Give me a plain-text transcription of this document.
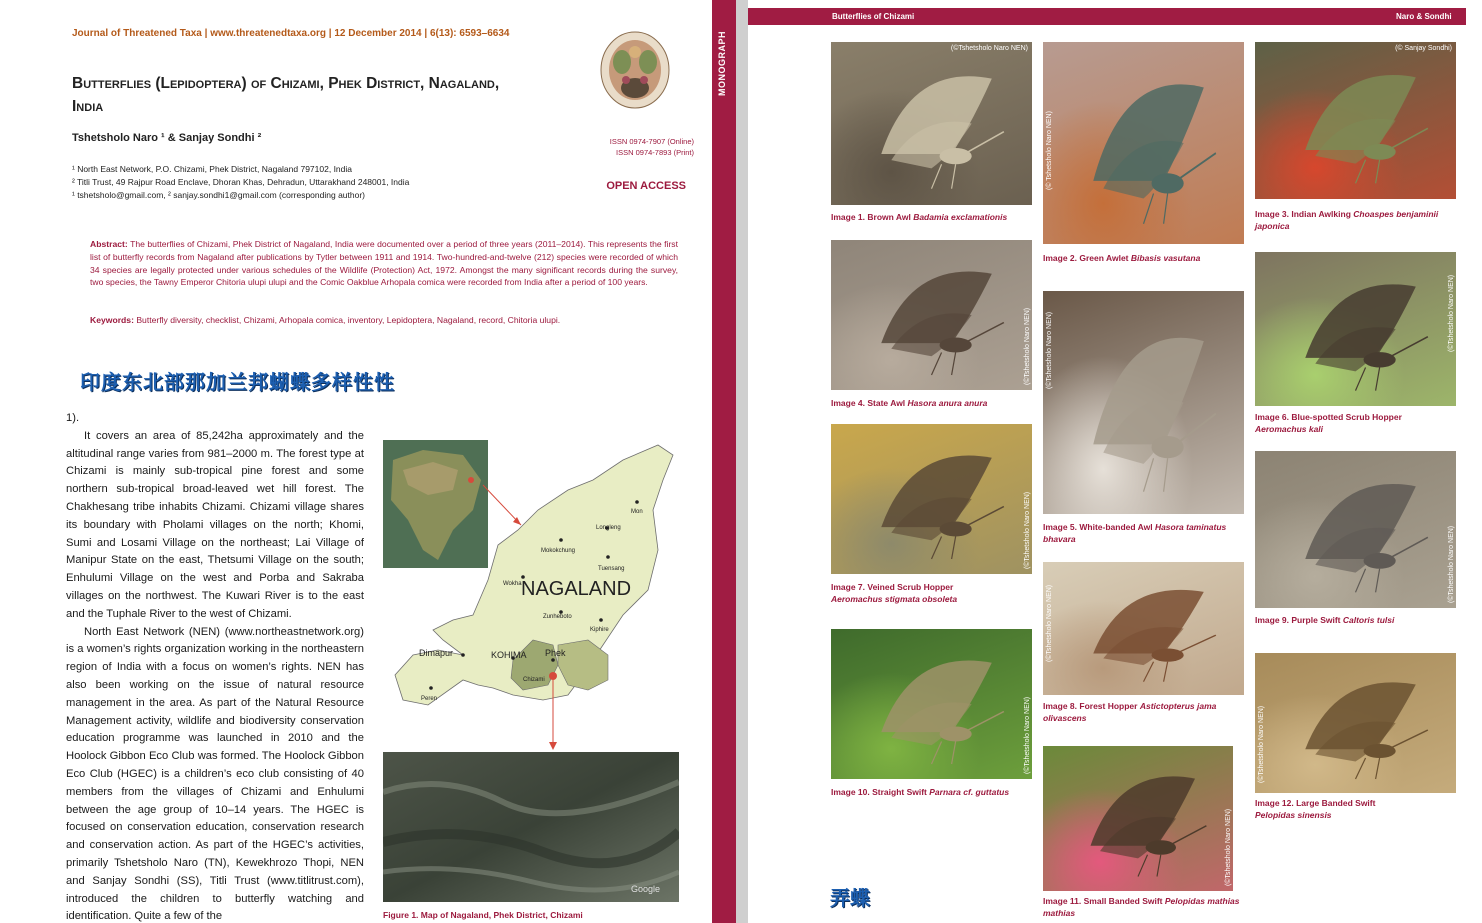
Journal of Threatened Taxa | www.threatenedtaxa.org | 12 December 2014 | 6(13): 6593–6634
Butterflies (Lepidoptera) of Chizami, Phek District, Nagaland, India
Tshetsholo Naro ¹ & Sanjay Sondhi ²
¹ North East Network, P.O. Chizami, Phek District, Nagaland 797102, India
² Titli Trust, 49 Rajpur Road Enclave, Dhoran Khas, Dehradun, Uttarakhand 248001, India
¹ tshetsholo@gmail.com, ² sanjay.sondhi1@gmail.com (corresponding author)
ISSN 0974-7907 (Online)
ISSN 0974-7893 (Print)
OPEN ACCESS
Abstract: The butterflies of Chizami, Phek District of Nagaland, India were documented over a period of three years (2011–2014). This represents the first list of butterfly records from Nagaland after publications by Tytler between 1911 and 1914. Two-hundred-and-twelve (212) species were recorded of which 34 species are legally protected under various schedules of the Wildlife (Protection) Act, 1972. Amongst the many significant records during the survey, two species, the Tawny Emperor Chitoria ulupi ulupi and the Comic Oakblue Arhopala comica were recorded from India after a period of 100 years.
Keywords: Butterfly diversity, checklist, Chizami, Arhopala comica, inventory, Lepidoptera, Nagaland, record, Chitoria ulupi.
印度东北部那加兰邦蝴蝶多样性性

1).

It covers an area of 85,242ha approximately and the altitudinal range varies from 981–2000 m. The forest type at Chizami is mainly sub-tropical pine forest and some northern sub-tropical broad-leaved wet hill forest. The Chakhesang tribe inhabits Chizami. Chizami village shares its boundary with Pholami villages on the north; Khomi, Sumi and Losami Village on the northeast; Lai Village of Manipur State on the east, Thetsumi Village on the south; Enhulumi Village on the west and Porba and Sakraba villages on the northwest. The Kuwari River is to the east and the Tuphale River to the west of Chizami.

North East Network (NEN) (www.northeastnetwork.org) is a women’s rights organization working in the northeastern region of India with a focus on women’s rights. NEN has also been working on the issue of natural resource management in the area. As part of the Natural Resource Management activity, wildlife and biodiversity conservation education programme was launched in 2010 and the Hoolock Gibbon Eco Club was formed. The Hoolock Gibbon Eco Club (HGEC) is a children’s eco club consisting of 40 members from the villages of Chizami and Enhulumi between the age group of 10–14 years. The HGEC is focused on conservation education, conservation research and conservation action. As part of the HGEC’s activities, primarily Tshetsholo Naro (TN), Kewekhrozo Thopi, NEN and Sanjay Sondhi (SS), Titli Trust (www.titlitrust.com), introduced the children to butterfly watching and identification. Quite a few of the

NAGALAND
Mon
Longleng
Mokokchung
Tuensang
Wokha
Zunheboto
Kiphire
Dimapur	KOHIMA Phek
Chizami
Peren
Google
Figure 1. Map of Nagaland, Phek District, Chizami
MONOGRAPH
Butterflies of Chizami	Naro & Sondhi
(©Tshetsholo Naro NEN)
Image 1. Brown Awl Badamia exclamationis
(©Tshetsholo Naro NEN)
Image 4. State Awl Hasora anura anura
(©Tshetsholo Naro NEN)
Image 7. Veined Scrub Hopper
Aeromachus stigmata obsoleta
(©Tshetsholo Naro NEN)
Image 10. Straight Swift Parnara cf. guttatus
弄蝶
(© Tshetsholo Naro NEN)
Image 2. Green Awlet Bibasis vasutana
(©Tshetsholo Naro NEN)
Image 5. White-banded Awl Hasora taminatus bhavara
(©Tshetsholo Naro NEN)
Image 8. Forest Hopper Astictopterus jama olivascens
(©Tshetsholo Naro NEN)
Image 11. Small Banded Swift Pelopidas mathias mathias
(© Sanjay Sondhi)
Image 3. Indian Awlking Choaspes benjaminii japonica
(©Tshetsholo Naro NEN)
Image 6. Blue-spotted Scrub Hopper
Aeromachus kali
(©Tshetsholo Naro NEN)
Image 9. Purple Swift Caltoris tulsi
(©Tshetsholo Naro NEN)
Image 12. Large Banded Swift
Pelopidas sinensis
